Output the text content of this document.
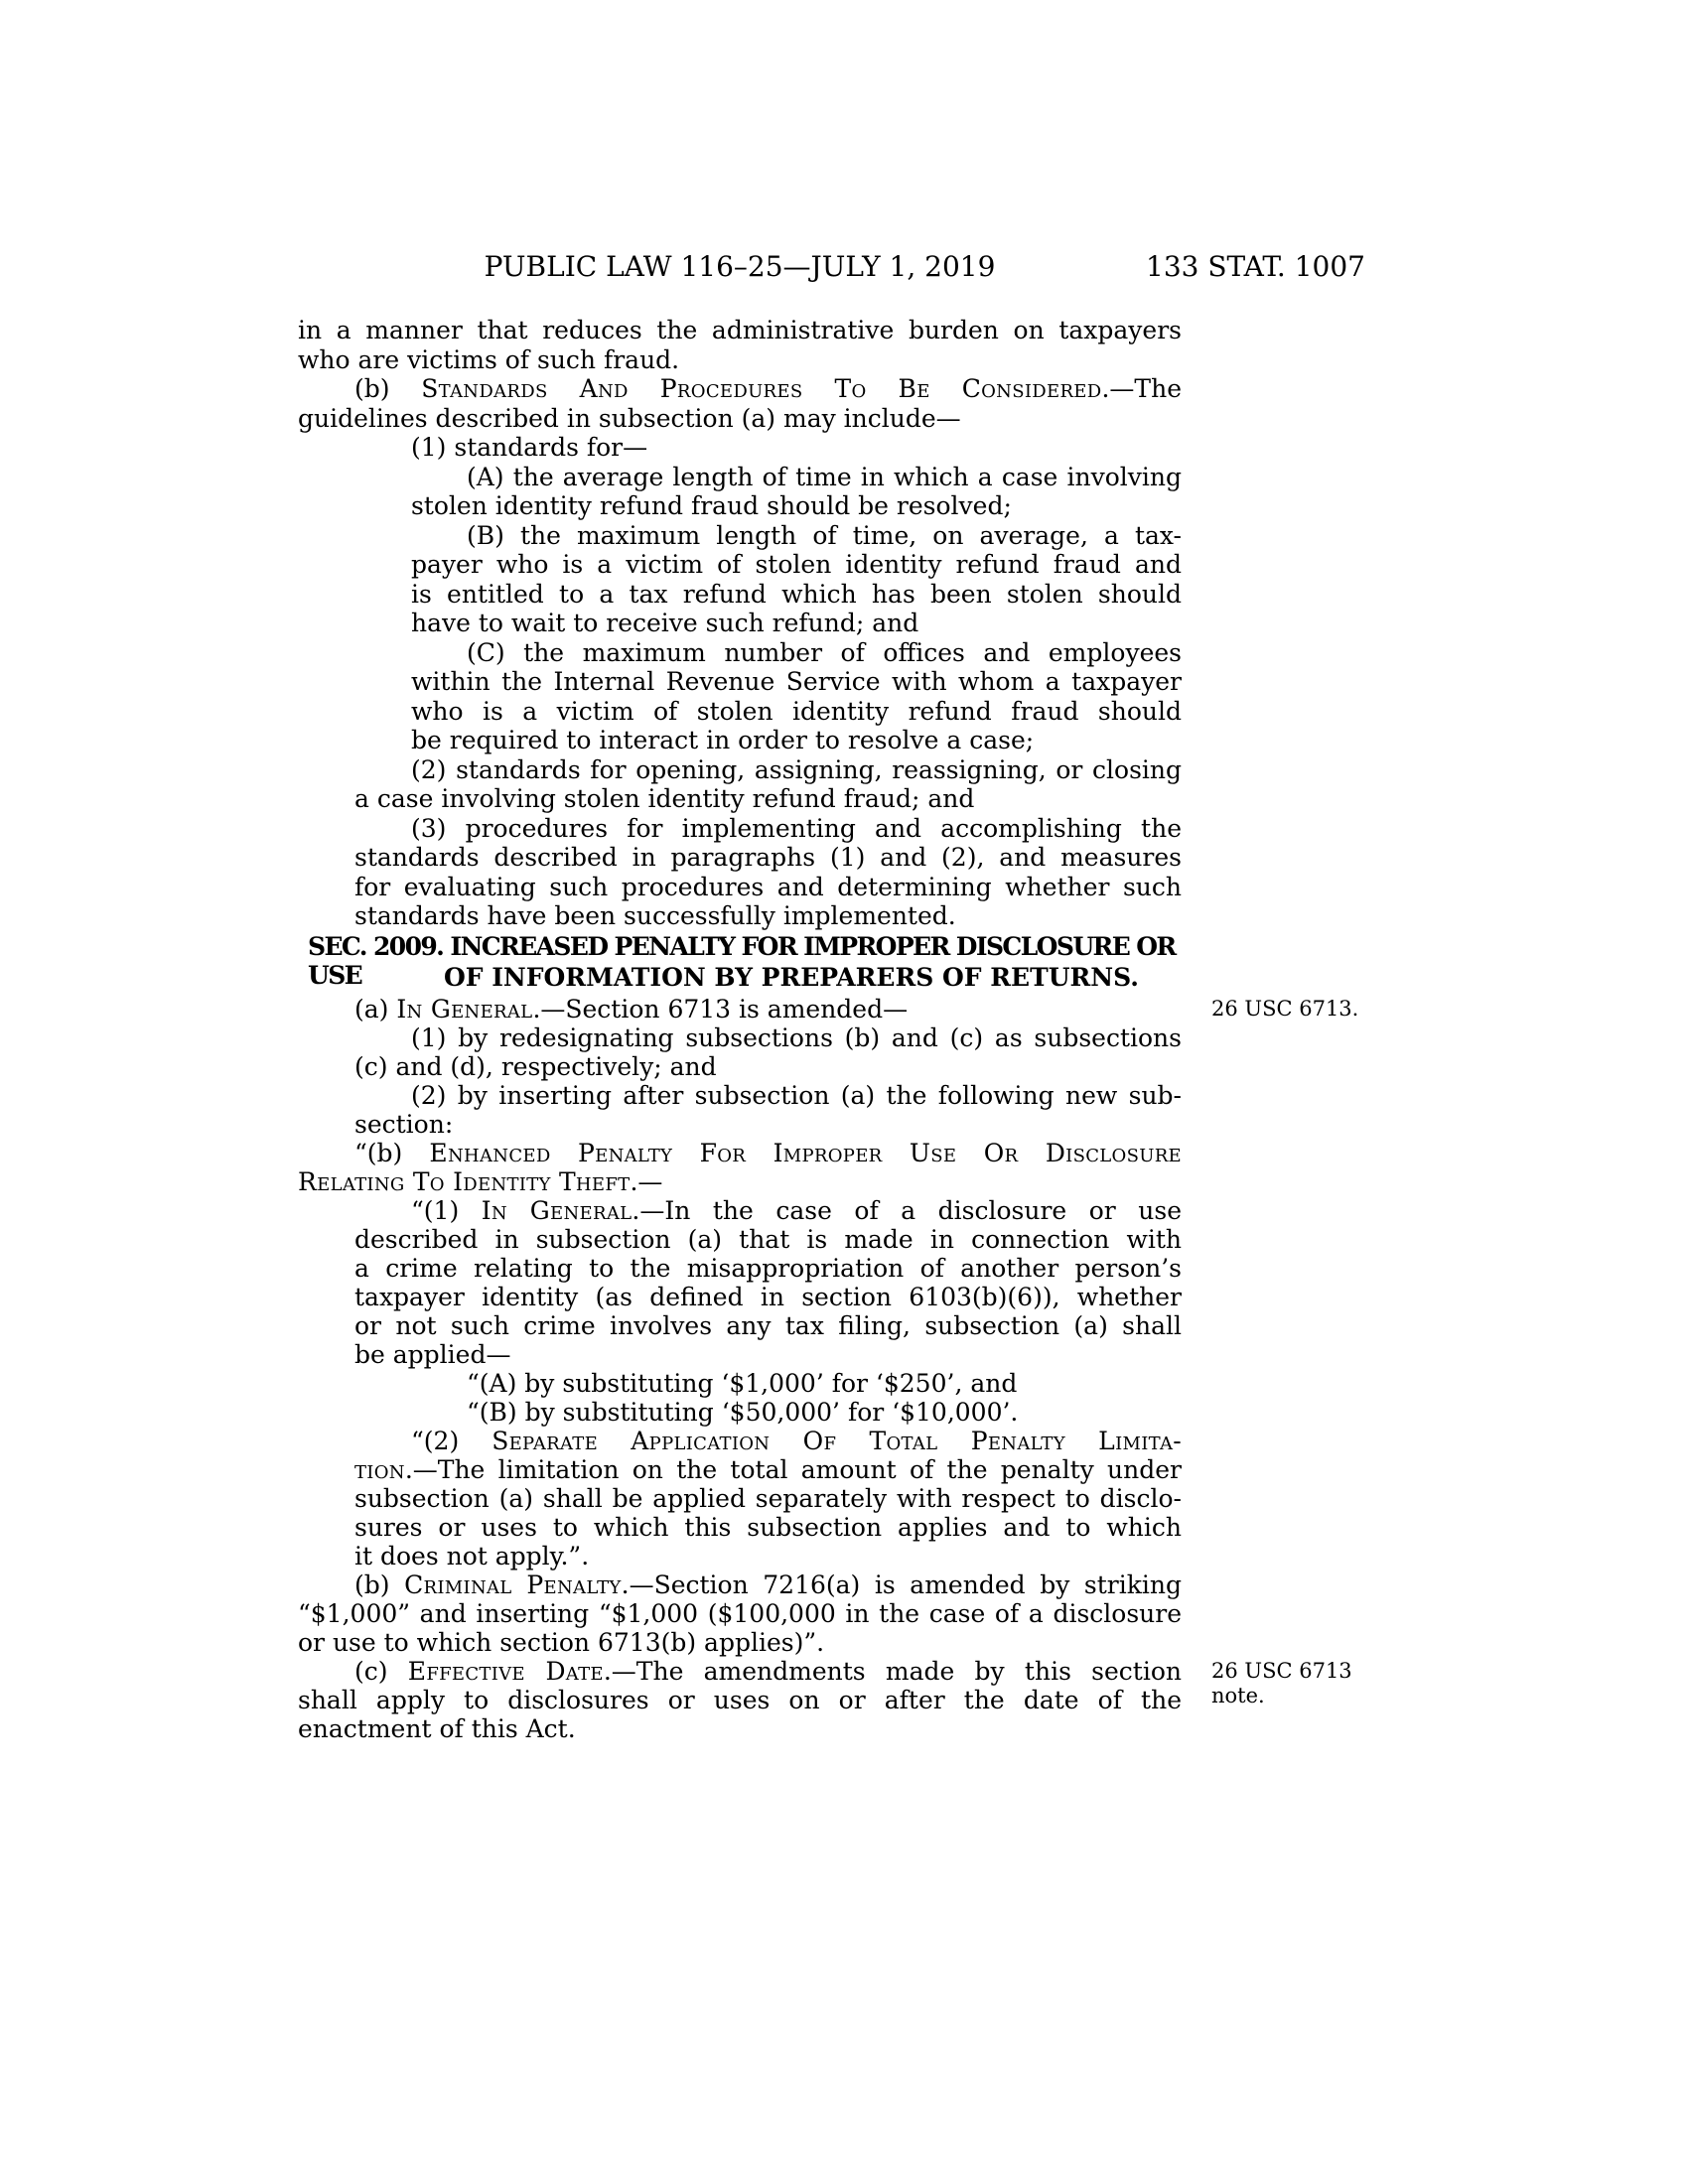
PUBLIC LAW 116–25—JULY 1, 2019	133 STAT. 1007
in a manner that reduces the administrative burden on taxpayers
who are victims of such fraud.
(b) Standards And Procedures To Be Considered.—The
guidelines described in subsection (a) may include—
(1) standards for—
(A) the average length of time in which a case involving
stolen identity refund fraud should be resolved;
(B) the maximum length of time, on average, a tax-
payer who is a victim of stolen identity refund fraud and
is entitled to a tax refund which has been stolen should
have to wait to receive such refund; and
(C) the maximum number of offices and employees
within the Internal Revenue Service with whom a taxpayer
who is a victim of stolen identity refund fraud should
be required to interact in order to resolve a case;
(2) standards for opening, assigning, reassigning, or closing
a case involving stolen identity refund fraud; and
(3) procedures for implementing and accomplishing the
standards described in paragraphs (1) and (2), and measures
for evaluating such procedures and determining whether such
standards have been successfully implemented.
SEC. 2009. INCREASED PENALTY FOR IMPROPER DISCLOSURE OR USE	OF INFORMATION BY PREPARERS OF RETURNS.
(a) In General.—Section 6713 is amended—
(1) by redesignating subsections (b) and (c) as subsections
(c) and (d), respectively; and
(2) by inserting after subsection (a) the following new sub-
section:
“(b) Enhanced Penalty For Improper Use Or Disclosure
Relating To Identity Theft.—
“(1) In General.—In the case of a disclosure or use
described in subsection (a) that is made in connection with
a crime relating to the misappropriation of another person’s
taxpayer identity (as defined in section 6103(b)(6)), whether
or not such crime involves any tax filing, subsection (a) shall
be applied—
“(A) by substituting ‘$1,000’ for ‘$250’, and
“(B) by substituting ‘$50,000’ for ‘$10,000’.
“(2) Separate Application Of Total Penalty Limita-
tion.—The limitation on the total amount of the penalty under
subsection (a) shall be applied separately with respect to disclo-
sures or uses to which this subsection applies and to which
it does not apply.”.
(b) Criminal Penalty.—Section 7216(a) is amended by striking
“$1,000” and inserting “$1,000 ($100,000 in the case of a disclosure
or use to which section 6713(b) applies)”.
(c) Effective Date.—The amendments made by this section
shall apply to disclosures or uses on or after the date of the
enactment of this Act.
26 USC 6713.
26 USC 6713
note.
